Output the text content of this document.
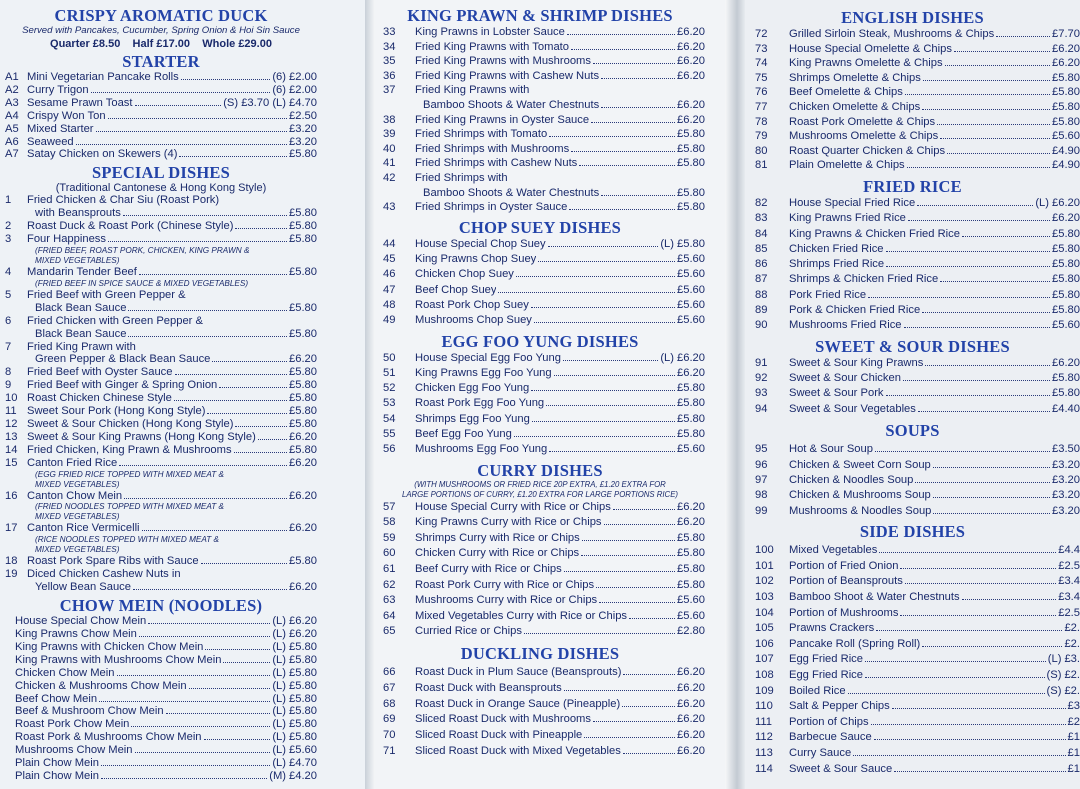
CRISPY AROMATIC DUCK
Served with Pancakes, Cucumber, Spring Onion & Hoi Sin Sauce
Quarter £8.50    Half £17.00    Whole £29.00
STARTER
A1 Mini Vegetarian Pancake Rolls	(6) £2.00
A2 Curry Trigon	(6) £2.00
A3 Sesame Prawn Toast	(S) £3.70 (L) £4.70
A4 Crispy Won Ton	£2.50
A5 Mixed Starter	£3.20
A6 Seaweed	£3.20
A7 Satay Chicken on Skewers (4)	£5.80
SPECIAL DISHES
(Traditional Cantonese & Hong Kong Style)
1	Fried Chicken & Char Siu (Roast Pork)
with Beansprouts	£5.80
2	Roast Duck & Roast Pork (Chinese Style)	£5.80
3	Four Happiness	£5.80
(FRIED BEEF, ROAST PORK, CHICKEN, KING PRAWN &
MIXED VEGETABLES)
4	Mandarin Tender Beef	£5.80
(FRIED BEEF IN SPICE SAUCE & MIXED VEGETABLES)
5	Fried Beef with Green Pepper &
Black Bean Sauce	£5.80
6	Fried Chicken with Green Pepper &
Black Bean Sauce	£5.80
7	Fried King Prawn with
Green Pepper & Black Bean Sauce	£6.20
8	Fried Beef with Oyster Sauce	£5.80
9	Fried Beef with Ginger & Spring Onion	£5.80
10 Roast Chicken Chinese Style	£5.80
11 Sweet Sour Pork (Hong Kong Style)	£5.80
12 Sweet & Sour Chicken (Hong Kong Style)	£5.80
13 Sweet & Sour King Prawns (Hong Kong Style)	£6.20
14 Fried Chicken, King Prawn & Mushrooms	£5.80
15 Canton Fried Rice	£6.20
(EGG FRIED RICE TOPPED WITH MIXED MEAT &
MIXED VEGETABLES)
16 Canton Chow Mein	£6.20
(FRIED NOODLES TOPPED WITH MIXED MEAT &
MIXED VEGETABLES)
17 Canton Rice Vermicelli	£6.20
(RICE NOODLES TOPPED WITH MIXED MEAT &
MIXED VEGETABLES)
18 Roast Pork Spare Ribs with Sauce	£5.80
19 Diced Chicken Cashew Nuts in
Yellow Bean Sauce	£6.20
CHOW MEIN (NOODLES)
House Special Chow Mein	(L) £6.20
King Prawns Chow Mein	(L) £6.20
King Prawns with Chicken Chow Mein	(L) £5.80
King Prawns with Mushrooms Chow Mein	(L) £5.80
Chicken Chow Mein	(L) £5.80
Chicken & Mushrooms Chow Mein	(L) £5.80
Beef Chow Mein	(L) £5.80
Beef & Mushroom Chow Mein	(L) £5.80
Roast Pork Chow Mein	(L) £5.80
Roast Pork & Mushrooms Chow Mein	(L) £5.80
Mushrooms Chow Mein	(L) £5.60
Plain Chow Mein	(L) £4.70
Plain Chow Mein	(M) £4.20
KING PRAWN & SHRIMP DISHES
33	King Prawns in Lobster Sauce	£6.20
34	Fried King Prawns with Tomato	£6.20
35	Fried King Prawns with Mushrooms	£6.20
36	Fried King Prawns with Cashew Nuts	£6.20
37	Fried King Prawns with
Bamboo Shoots & Water Chestnuts	£6.20
38	Fried King Prawns in Oyster Sauce	£6.20
39	Fried Shrimps with Tomato	£5.80
40	Fried Shrimps with Mushrooms	£5.80
41	Fried Shrimps with Cashew Nuts	£5.80
42	Fried Shrimps with
Bamboo Shoots & Water Chestnuts	£5.80
43	Fried Shrimps in Oyster Sauce	£5.80
CHOP SUEY DISHES
44	House Special Chop Suey	(L) £5.80
45	King Prawns Chop Suey	£5.60
46	Chicken Chop Suey	£5.60
47	Beef Chop Suey	£5.60
48	Roast Pork Chop Suey	£5.60
49	Mushrooms Chop Suey	£5.60
EGG FOO YUNG DISHES
50	House Special Egg Foo Yung	(L) £6.20
51	King Prawns Egg Foo Yung	£6.20
52	Chicken Egg Foo Yung	£5.80
53	Roast Pork Egg Foo Yung	£5.80
54	Shrimps Egg Foo Yung	£5.80
55	Beef Egg Foo Yung	£5.80
56	Mushrooms Egg Foo Yung	£5.60
CURRY DISHES
(WITH MUSHROOMS OR FRIED RICE 20P EXTRA, £1.20 EXTRA FOR
LARGE PORTIONS OF CURRY, £1.20 EXTRA FOR LARGE PORTIONS RICE)
57	House Special Curry with Rice or Chips	£6.20
58	King Prawns Curry with Rice or Chips	£6.20
59	Shrimps Curry with Rice or Chips	£5.80
60	Chicken Curry with Rice or Chips	£5.80
61	Beef Curry with Rice or Chips	£5.80
62	Roast Pork Curry with Rice or Chips	£5.80
63	Mushrooms Curry with Rice or Chips	£5.60
64	Mixed Vegetables Curry with Rice or Chips	£5.60
65	Curried Rice or Chips	£2.80
DUCKLING DISHES
66	Roast Duck in Plum Sauce (Beansprouts)	£6.20
67	Roast Duck with Beansprouts	£6.20
68	Roast Duck in Orange Sauce (Pineapple)	£6.20
69	Sliced Roast Duck with Mushrooms	£6.20
70	Sliced Roast Duck with Pineapple	£6.20
71	Sliced Roast Duck with Mixed Vegetables	£6.20
ENGLISH DISHES
72	Grilled Sirloin Steak, Mushrooms & Chips	£7.70
73	House Special Omelette & Chips	£6.20
74	King Prawns Omelette & Chips	£6.20
75	Shrimps Omelette & Chips	£5.80
76	Beef Omelette & Chips	£5.80
77	Chicken Omelette & Chips	£5.80
78	Roast Pork Omelette & Chips	£5.80
79	Mushrooms Omelette & Chips	£5.60
80	Roast Quarter Chicken & Chips	£4.90
81	Plain Omelette & Chips	£4.90
FRIED RICE
82	House Special Fried Rice	(L) £6.20
83	King Prawns Fried Rice	£6.20
84	King Prawns & Chicken Fried Rice	£5.80
85	Chicken Fried Rice	£5.80
86	Shrimps Fried Rice	£5.80
87	Shrimps & Chicken Fried Rice	£5.80
88	Pork Fried Rice	£5.80
89	Pork & Chicken Fried Rice	£5.80
90	Mushrooms Fried Rice	£5.60
SWEET & SOUR DISHES
91	Sweet & Sour King Prawns	£6.20
92	Sweet & Sour Chicken	£5.80
93	Sweet & Sour Pork	£5.80
94	Sweet & Sour Vegetables	£4.40
SOUPS
95	Hot & Sour Soup	£3.50
96	Chicken & Sweet Corn Soup	£3.20
97	Chicken & Noodles Soup	£3.20
98	Chicken & Mushrooms Soup	£3.20
99	Mushrooms & Noodles Soup	£3.20
SIDE DISHES
100	Mixed Vegetables	£4.4
101	Portion of Fried Onion	£2.5
102	Portion of Beansprouts	£3.4
103	Bamboo Shoot & Water Chestnuts	£3.4
104	Portion of Mushrooms	£2.5
105	Prawns Crackers	£2.
106	Pancake Roll (Spring Roll)	£2.
107	Egg Fried Rice	(L) £3.
108	Egg Fried Rice	(S) £2.
109	Boiled Rice	(S) £2.
110	Salt & Pepper Chips	£3
111	Portion of Chips	£2
112	Barbecue Sauce	£1
113	Curry Sauce	£1
114	Sweet & Sour Sauce	£1
